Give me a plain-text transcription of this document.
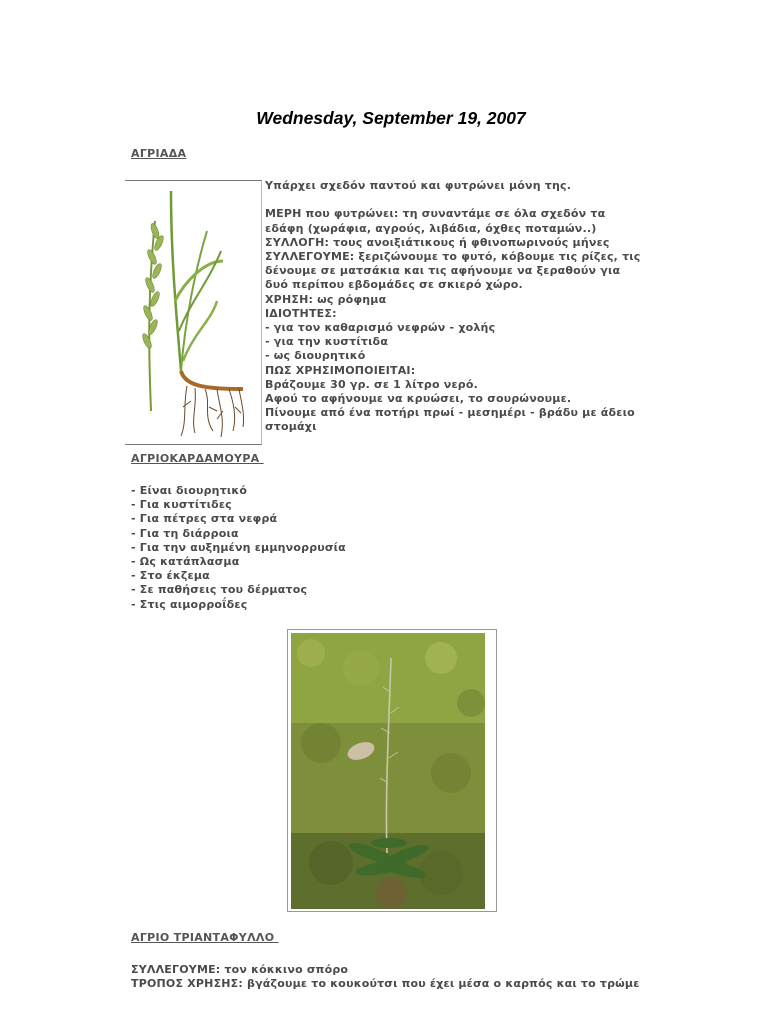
Wednesday, September 19, 2007
ΑΓΡΙΑΔΑ
Υπάρχει σχεδόν παντού και φυτρώνει μόνη της.

ΜΕΡΗ που φυτρώνει: τη συναντάμε σε όλα σχεδόν τα
εδάφη (χωράφια, αγρούς, λιβάδια, όχθες ποταμών..)
ΣΥΛΛΟΓΗ: τους ανοιξιάτικους ή φθινοπωρινούς μήνες
ΣΥΛΛΕΓΟΥΜΕ: ξεριζώνουμε το φυτό, κόβουμε τις ρίζες, τις
δένουμε σε ματσάκια και τις αφήνουμε να ξεραθούν για
δυό περίπου εβδομάδες σε σκιερό χώρο.
ΧΡΗΣΗ: ως ρόφημα
ΙΔΙΟΤΗΤΕΣ:
- για τον καθαρισμό νεφρών - χολής
- για την κυστίτιδα
- ως διουρητικό
ΠΩΣ ΧΡΗΣΙΜΟΠΟΙΕΙΤΑΙ:
Βράζουμε 30 γρ. σε 1 λίτρο νερό.
Αφού το αφήνουμε να κρυώσει, το σουρώνουμε.
Πίνουμε από ένα ποτήρι πρωί - μεσημέρι - βράδυ με άδειο
στομάχι
ΑΓΡΙΟΚΑΡΔΑΜΟΥΡΑ
- Είναι διουρητικό
- Για κυστίτιδες
- Για πέτρες στα νεφρά
- Για τη διάρροια
- Για την αυξημένη εμμηνορρυσία
- Ως κατάπλασμα
- Στο έκζεμα
- Σε παθήσεις του δέρματος
- Στις αιμορροΐδες
ΑΓΡΙΟ ΤΡΙΑΝΤΑΦΥΛΛΟ
ΣΥΛΛΕΓΟΥΜΕ: τον κόκκινο σπόρο
ΤΡΟΠΟΣ ΧΡΗΣΗΣ: βγάζουμε το κουκούτσι που έχει μέσα ο καρπός και το τρώμε
